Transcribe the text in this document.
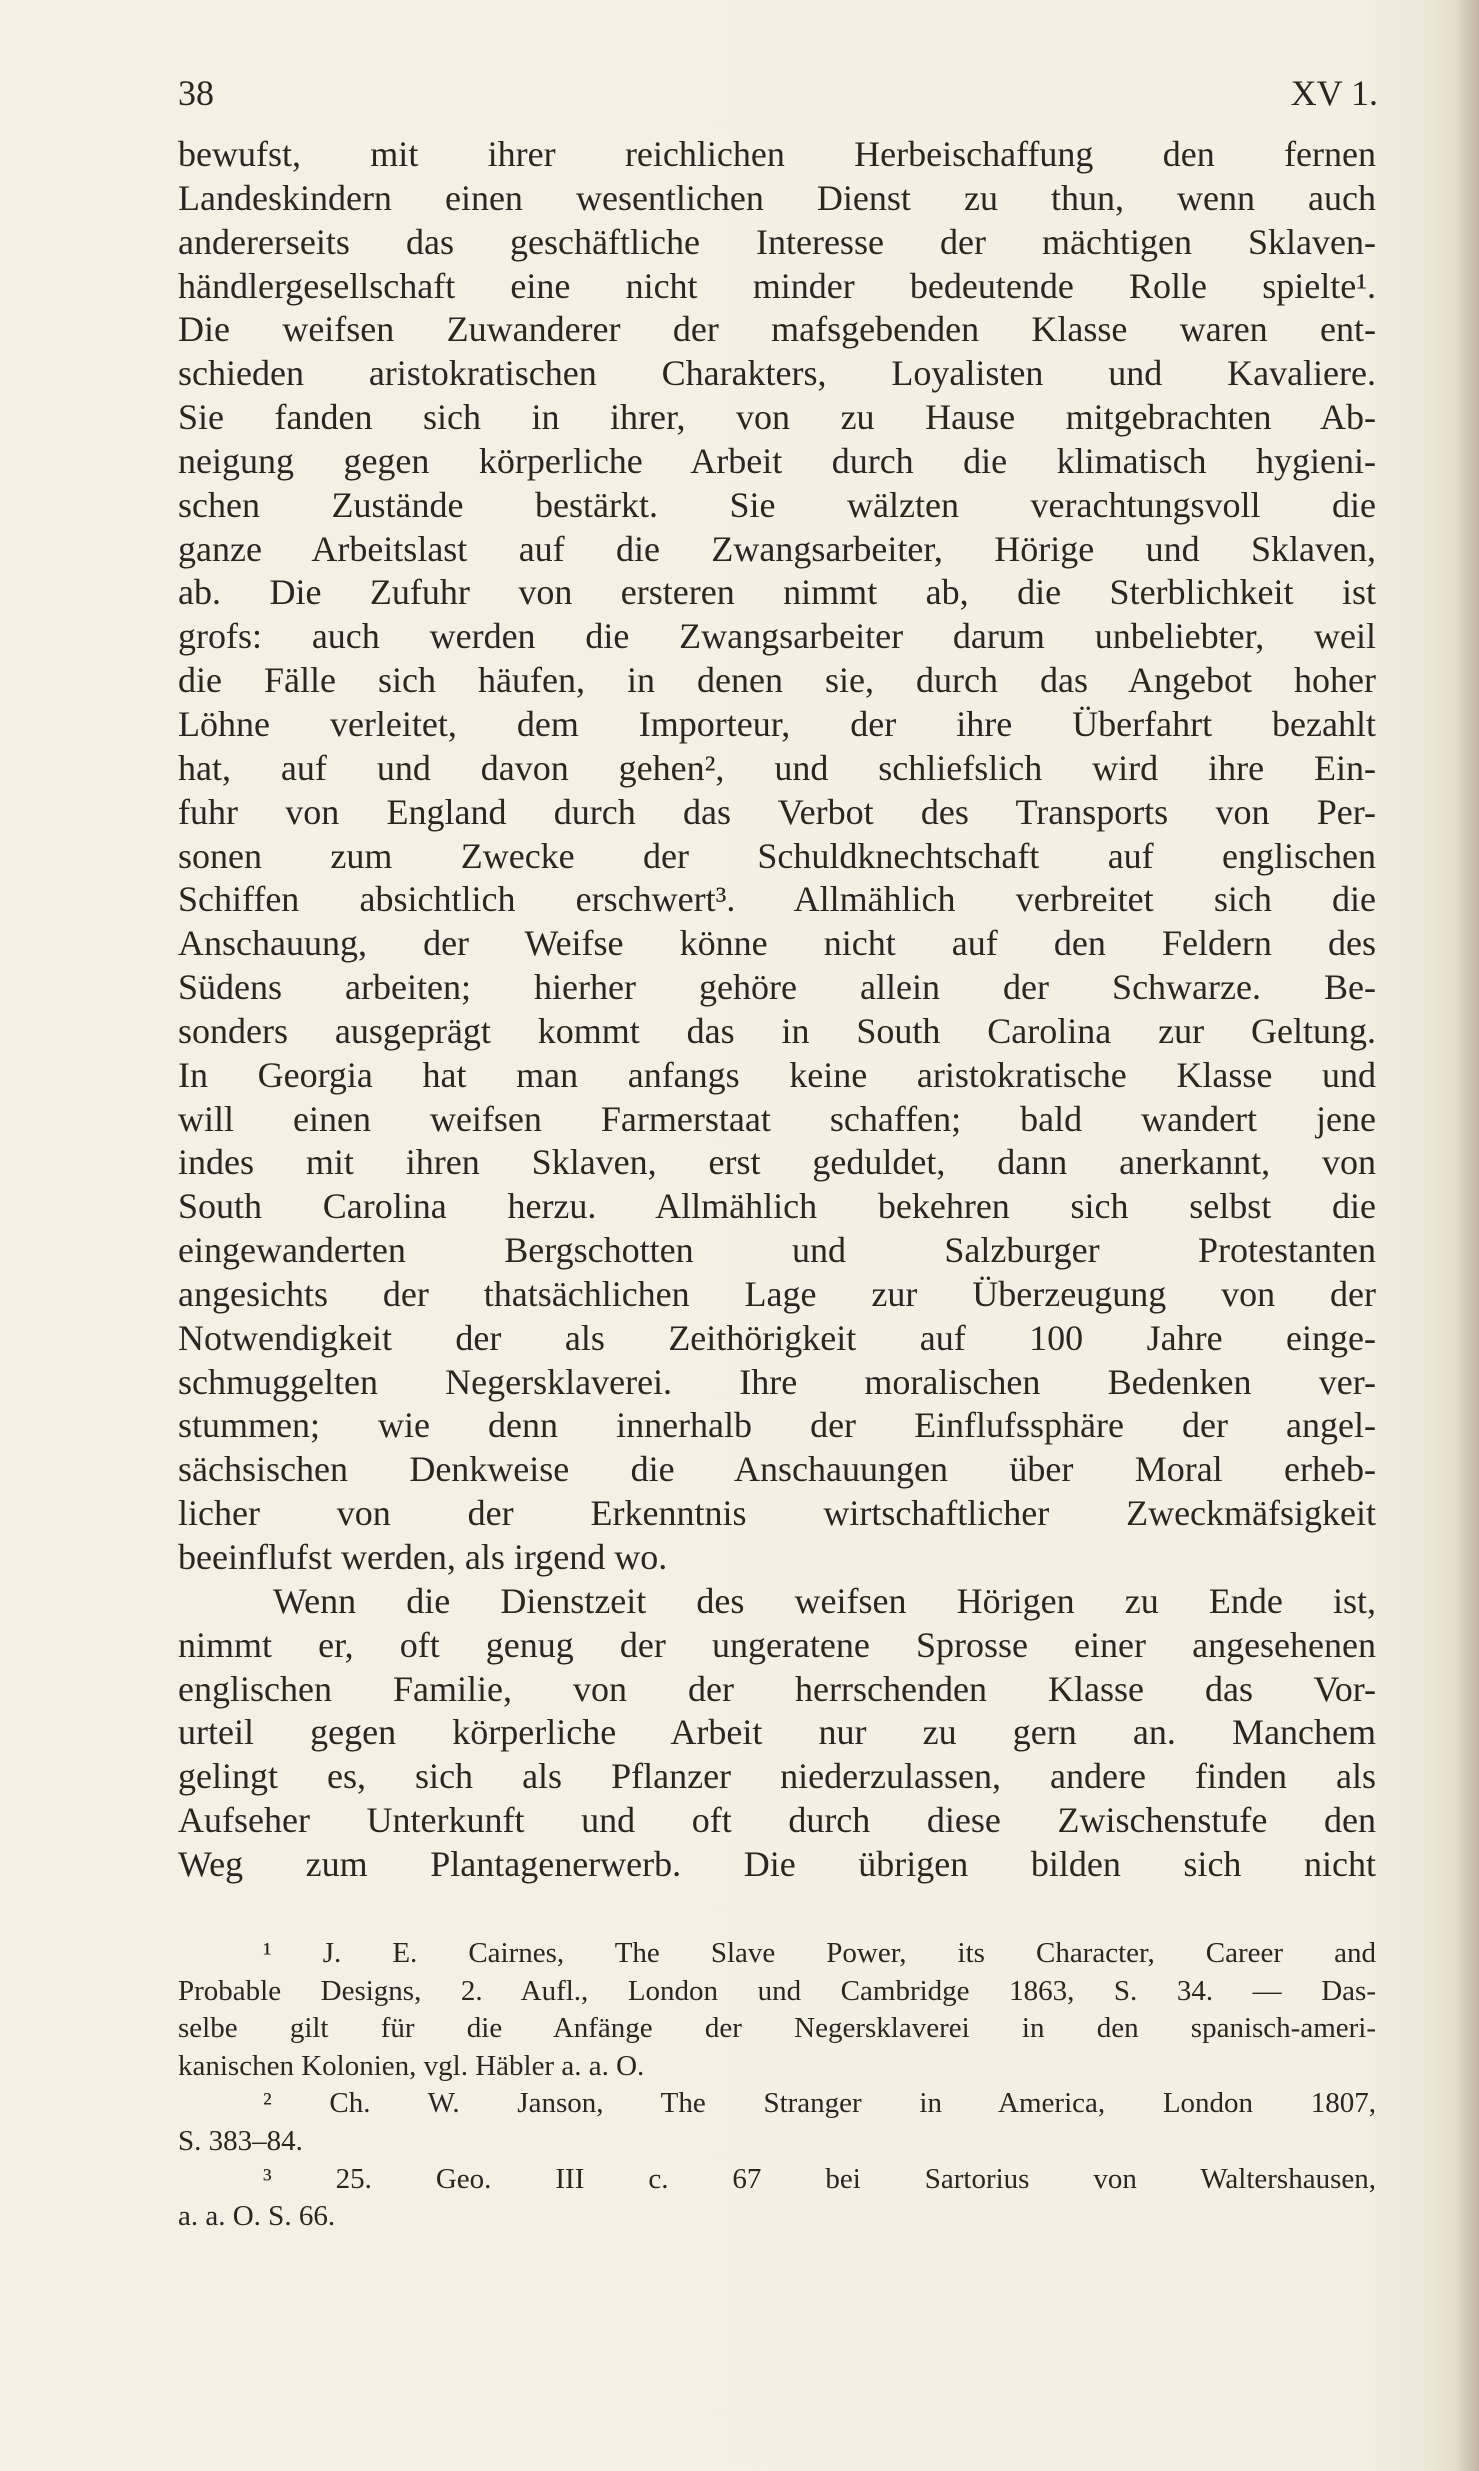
38	XV 1.
bewufst, mit ihrer reichlichen Herbeischaffung den fernen
Landeskindern einen wesentlichen Dienst zu thun, wenn auch
andererseits das geschäftliche Interesse der mächtigen Sklaven-
händlergesellschaft eine nicht minder bedeutende Rolle spielte¹.
Die weifsen Zuwanderer der mafsgebenden Klasse waren ent-
schieden aristokratischen Charakters, Loyalisten und Kavaliere.
Sie fanden sich in ihrer, von zu Hause mitgebrachten Ab-
neigung gegen körperliche Arbeit durch die klimatisch hygieni-
schen Zustände bestärkt. Sie wälzten verachtungsvoll die
ganze Arbeitslast auf die Zwangsarbeiter, Hörige und Sklaven,
ab. Die Zufuhr von ersteren nimmt ab, die Sterblichkeit ist
grofs: auch werden die Zwangsarbeiter darum unbeliebter, weil
die Fälle sich häufen, in denen sie, durch das Angebot hoher
Löhne verleitet, dem Importeur, der ihre Überfahrt bezahlt
hat, auf und davon gehen², und schliefslich wird ihre Ein-
fuhr von England durch das Verbot des Transports von Per-
sonen zum Zwecke der Schuldknechtschaft auf englischen
Schiffen absichtlich erschwert³. Allmählich verbreitet sich die
Anschauung, der Weifse könne nicht auf den Feldern des
Südens arbeiten; hierher gehöre allein der Schwarze. Be-
sonders ausgeprägt kommt das in South Carolina zur Geltung.
In Georgia hat man anfangs keine aristokratische Klasse und
will einen weifsen Farmerstaat schaffen; bald wandert jene
indes mit ihren Sklaven, erst geduldet, dann anerkannt, von
South Carolina herzu. Allmählich bekehren sich selbst die
eingewanderten Bergschotten und Salzburger Protestanten
angesichts der thatsächlichen Lage zur Überzeugung von der
Notwendigkeit der als Zeithörigkeit auf 100 Jahre einge-
schmuggelten Negersklaverei. Ihre moralischen Bedenken ver-
stummen; wie denn innerhalb der Einflufssphäre der angel-
sächsischen Denkweise die Anschauungen über Moral erheb-
licher von der Erkenntnis wirtschaftlicher Zweckmäfsigkeit
beeinflufst werden, als irgend wo.
Wenn die Dienstzeit des weifsen Hörigen zu Ende ist,
nimmt er, oft genug der ungeratene Sprosse einer angesehenen
englischen Familie, von der herrschenden Klasse das Vor-
urteil gegen körperliche Arbeit nur zu gern an. Manchem
gelingt es, sich als Pflanzer niederzulassen, andere finden als
Aufseher Unterkunft und oft durch diese Zwischenstufe den
Weg zum Plantagenerwerb. Die übrigen bilden sich nicht
¹ J. E. Cairnes, The Slave Power, its Character, Career and
Probable Designs, 2. Aufl., London und Cambridge 1863, S. 34. — Das-
selbe gilt für die Anfänge der Negersklaverei in den spanisch-ameri-
kanischen Kolonien, vgl. Häbler a. a. O.
² Ch. W. Janson, The Stranger in America, London 1807,
S. 383–84.
³ 25. Geo. III c. 67 bei Sartorius von Waltershausen,
a. a. O. S. 66.
